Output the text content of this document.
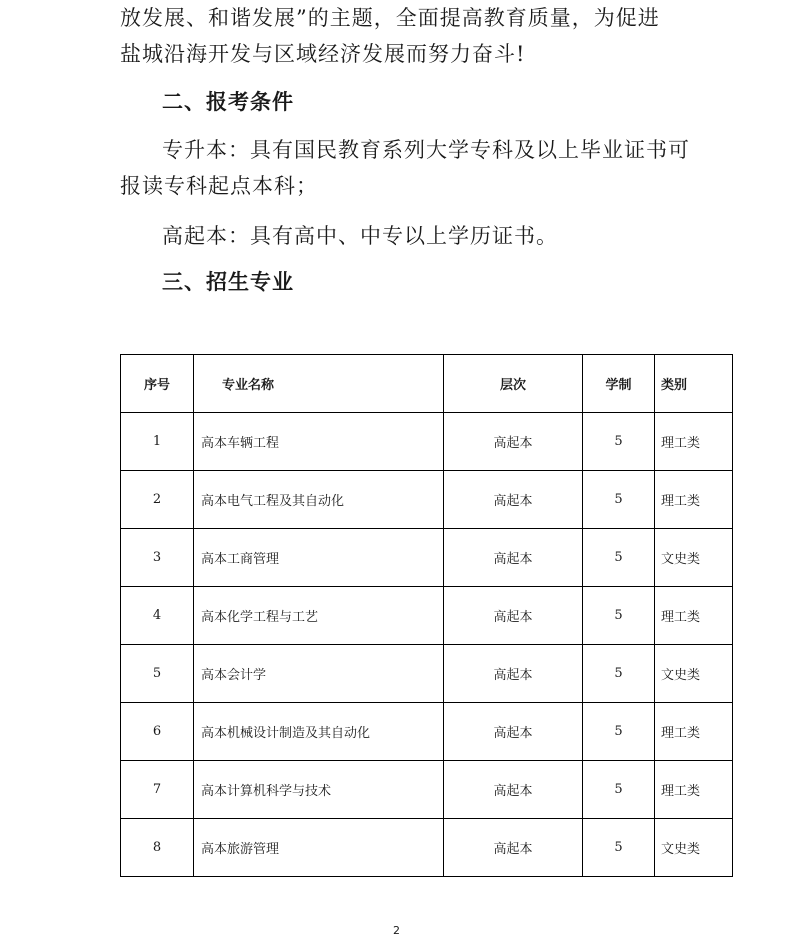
放发展、和谐发展”的主题，全面提高教育质量，为促进
盐城沿海开发与区域经济发展而努力奋斗!
二、报考条件
专升本：具有国民教育系列大学专科及以上毕业证书可
报读专科起点本科；
高起本：具有高中、中专以上学历证书。
三、招生专业
序号	专业名称	层次	学制	类别
1	高本车辆工程	高起本	5	理工类
2	高本电气工程及其自动化	高起本	5	理工类
3	高本工商管理	高起本	5	文史类
4	高本化学工程与工艺	高起本	5	理工类
5	高本会计学	高起本	5	文史类
6	高本机械设计制造及其自动化	高起本	5	理工类
7	高本计算机科学与技术	高起本	5	理工类
8	高本旅游管理	高起本	5	文史类
2
